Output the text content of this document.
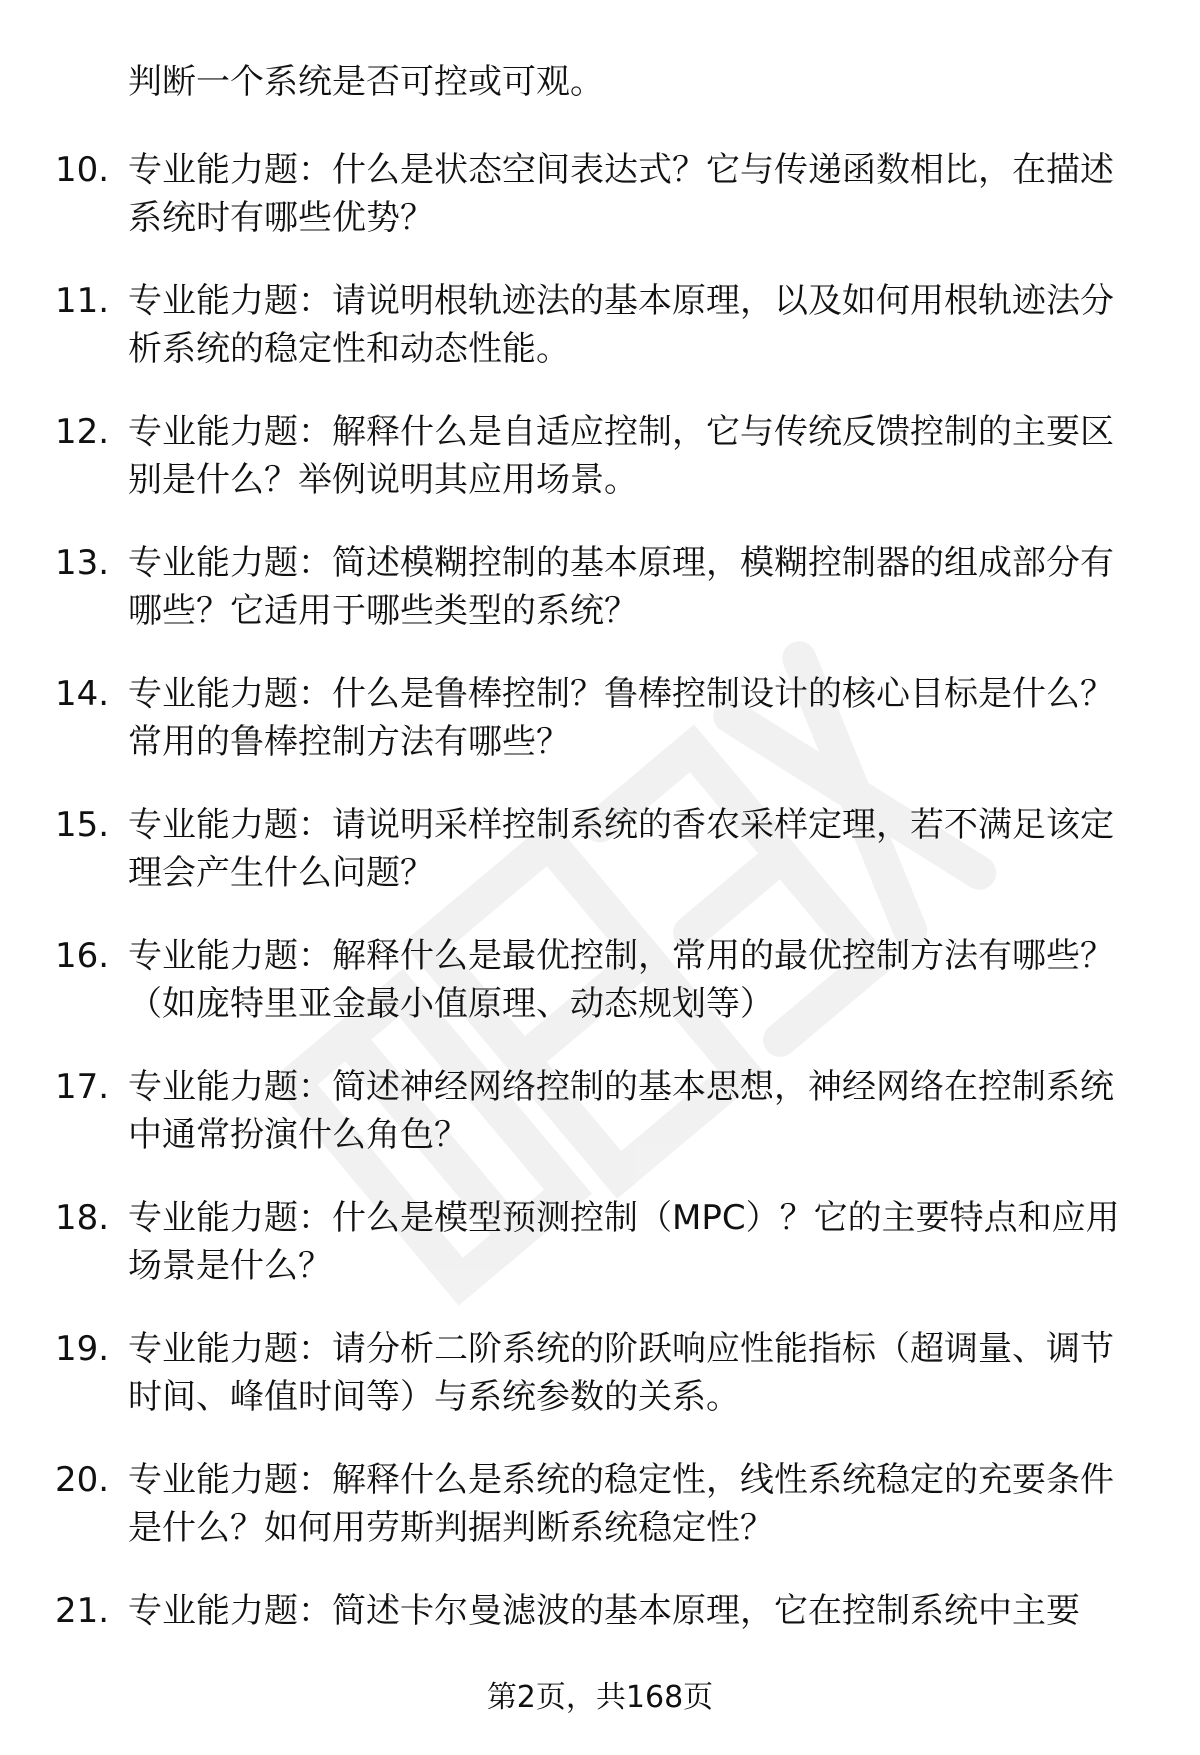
判断一个系统是否可控或可观。
10. 专业能力题：什么是状态空间表达式？它与传递函数相比，在描述系统时有哪些优势？
11. 专业能力题：请说明根轨迹法的基本原理，以及如何用根轨迹法分析系统的稳定性和动态性能。
12. 专业能力题：解释什么是自适应控制，它与传统反馈控制的主要区别是什么？举例说明其应用场景。
13. 专业能力题：简述模糊控制的基本原理，模糊控制器的组成部分有哪些？它适用于哪些类型的系统？
14. 专业能力题：什么是鲁棒控制？鲁棒控制设计的核心目标是什么？常用的鲁棒控制方法有哪些？
15. 专业能力题：请说明采样控制系统的香农采样定理，若不满足该定理会产生什么问题？
16. 专业能力题：解释什么是最优控制，常用的最优控制方法有哪些？（如庞特里亚金最小值原理、动态规划等）
17. 专业能力题：简述神经网络控制的基本思想，神经网络在控制系统中通常扮演什么角色？
18. 专业能力题：什么是模型预测控制（MPC）？它的主要特点和应用场景是什么？
19. 专业能力题：请分析二阶系统的阶跃响应性能指标（超调量、调节时间、峰值时间等）与系统参数的关系。
20. 专业能力题：解释什么是系统的稳定性，线性系统稳定的充要条件是什么？如何用劳斯判据判断系统稳定性？
21. 专业能力题：简述卡尔曼滤波的基本原理，它在控制系统中主要
第2页，共168页
